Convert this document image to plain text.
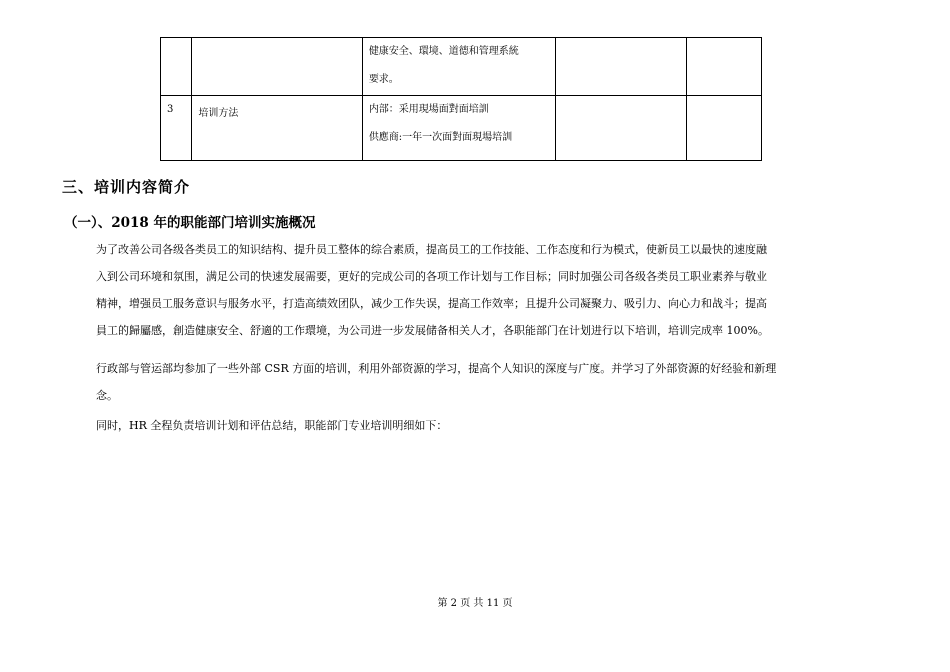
		健康安全、環境、道德和管理系統
要求。		

3	培训方法	内部：采用現場面對面培訓
供應商:一年一次面對面現場培訓		

三、培训内容简介
（一）、2018 年的职能部门培训实施概况
为了改善公司各级各类员工的知识结构、提升员工整体的综合素质，提高员工的工作技能、工作态度和行为模式，使新员工以最快的速度融
入到公司环境和氛围，满足公司的快速发展需要，更好的完成公司的各项工作计划与工作目标；同时加强公司各级各类员工职业素养与敬业
精神，增强员工服务意识与服务水平，打造高绩效团队，减少工作失误，提高工作效率；且提升公司凝聚力、吸引力、向心力和战斗；提高
員工的歸屬感，創造健康安全、舒適的工作環境，为公司进一步发展储备相关人才，各职能部门在计划进行以下培训，培训完成率 100%。
行政部与管运部均参加了一些外部 CSR 方面的培训，利用外部资源的学习，提高个人知识的深度与广度。并学习了外部资源的好经验和新理
念。
同时，HR 全程负责培训计划和评估总结，职能部门专业培训明细如下：
第 2 页 共 11 页
